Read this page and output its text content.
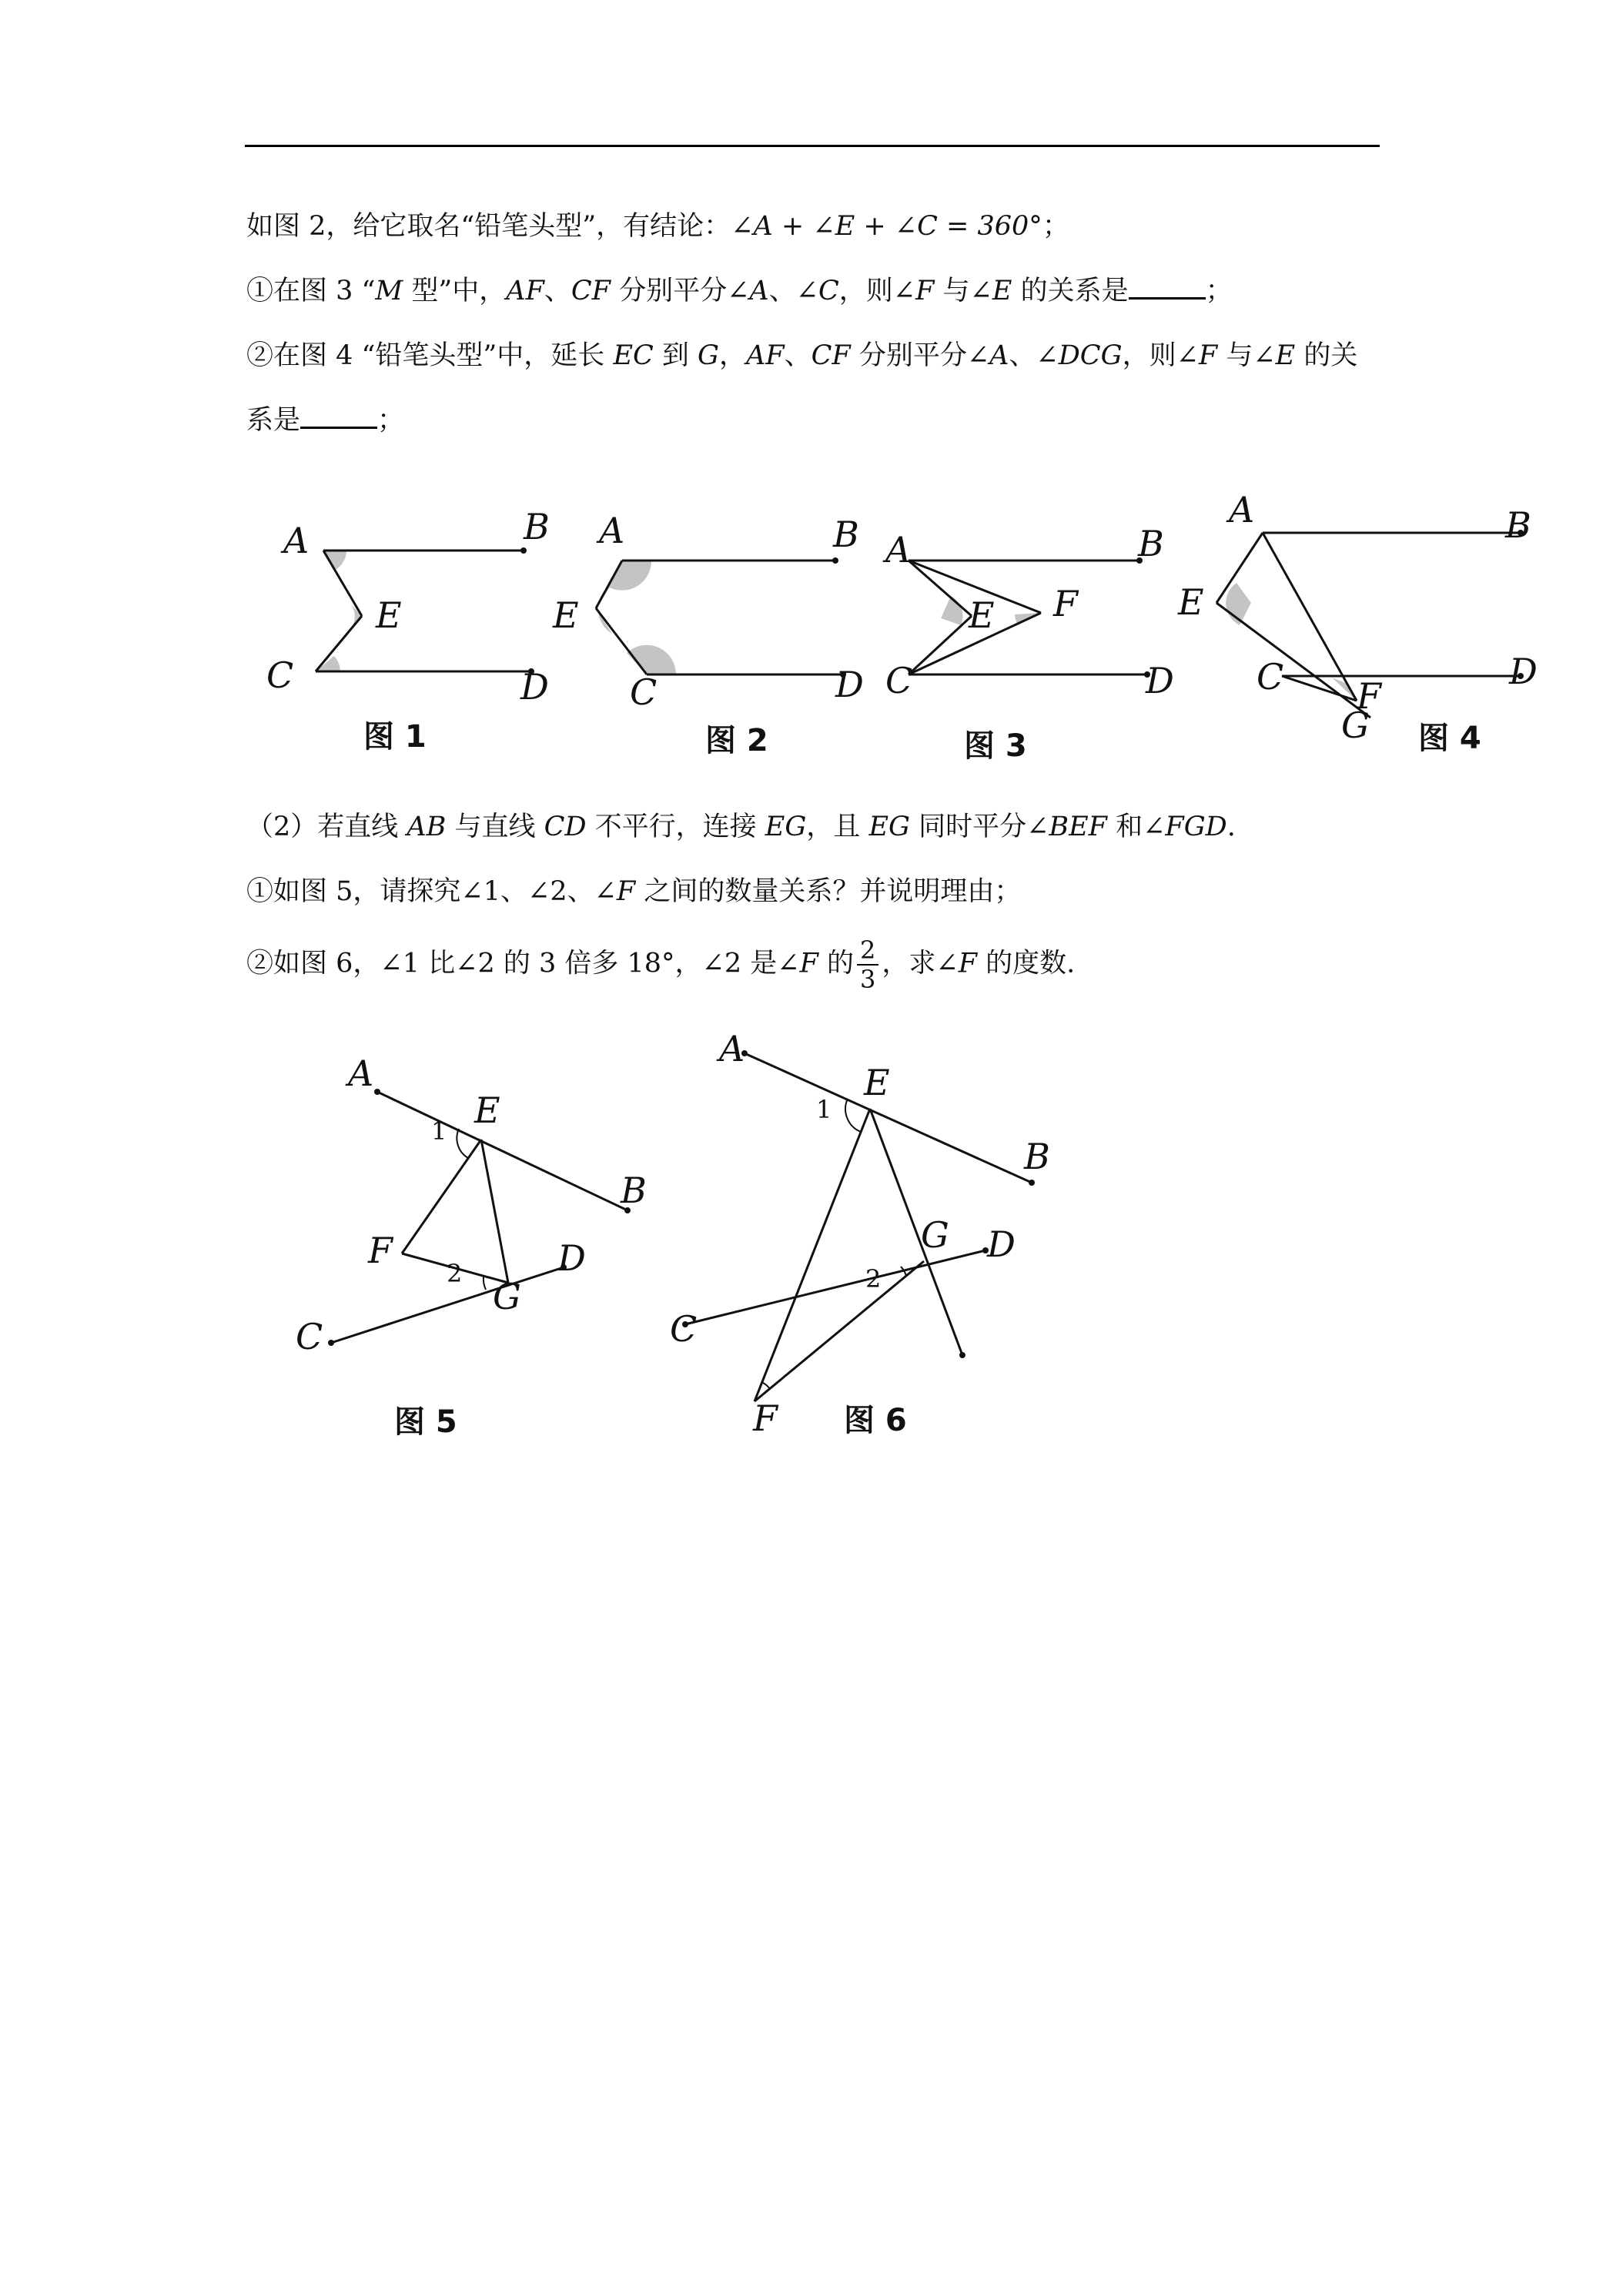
如图 2，给它取名“铅笔头型”，有结论：∠A + ∠E + ∠C = 360°；
①在图 3 “M 型”中，AF、CF 分别平分∠A、∠C，则∠F 与∠E 的关系是	；
②在图 4 “铅笔头型”中，延长 EC 到 G，AF、CF 分别平分∠A、∠DCG，则∠F 与∠E 的关
系是	；
（2）若直线 AB 与直线 CD 不平行，连接 EG，且 EG 同时平分∠BEF 和∠FGD.
①如图 5，请探究∠1、∠2、∠F 之间的数量关系？并说明理由；
②如图 6，∠1 比∠2 的 3 倍多 18°，∠2 是∠F 的 $\frac{2}{3}$ ，求∠F 的度数.
A	B
E
C	D
图 1
A	B
E
C	D
图 2
A	B
E F
C	D
图 3
A	B
E
C	D
F
G 图 4
A
E
B
F	D
G
C
1
2
图 5
A
E
B
G D
C
F
1
2
图 6
